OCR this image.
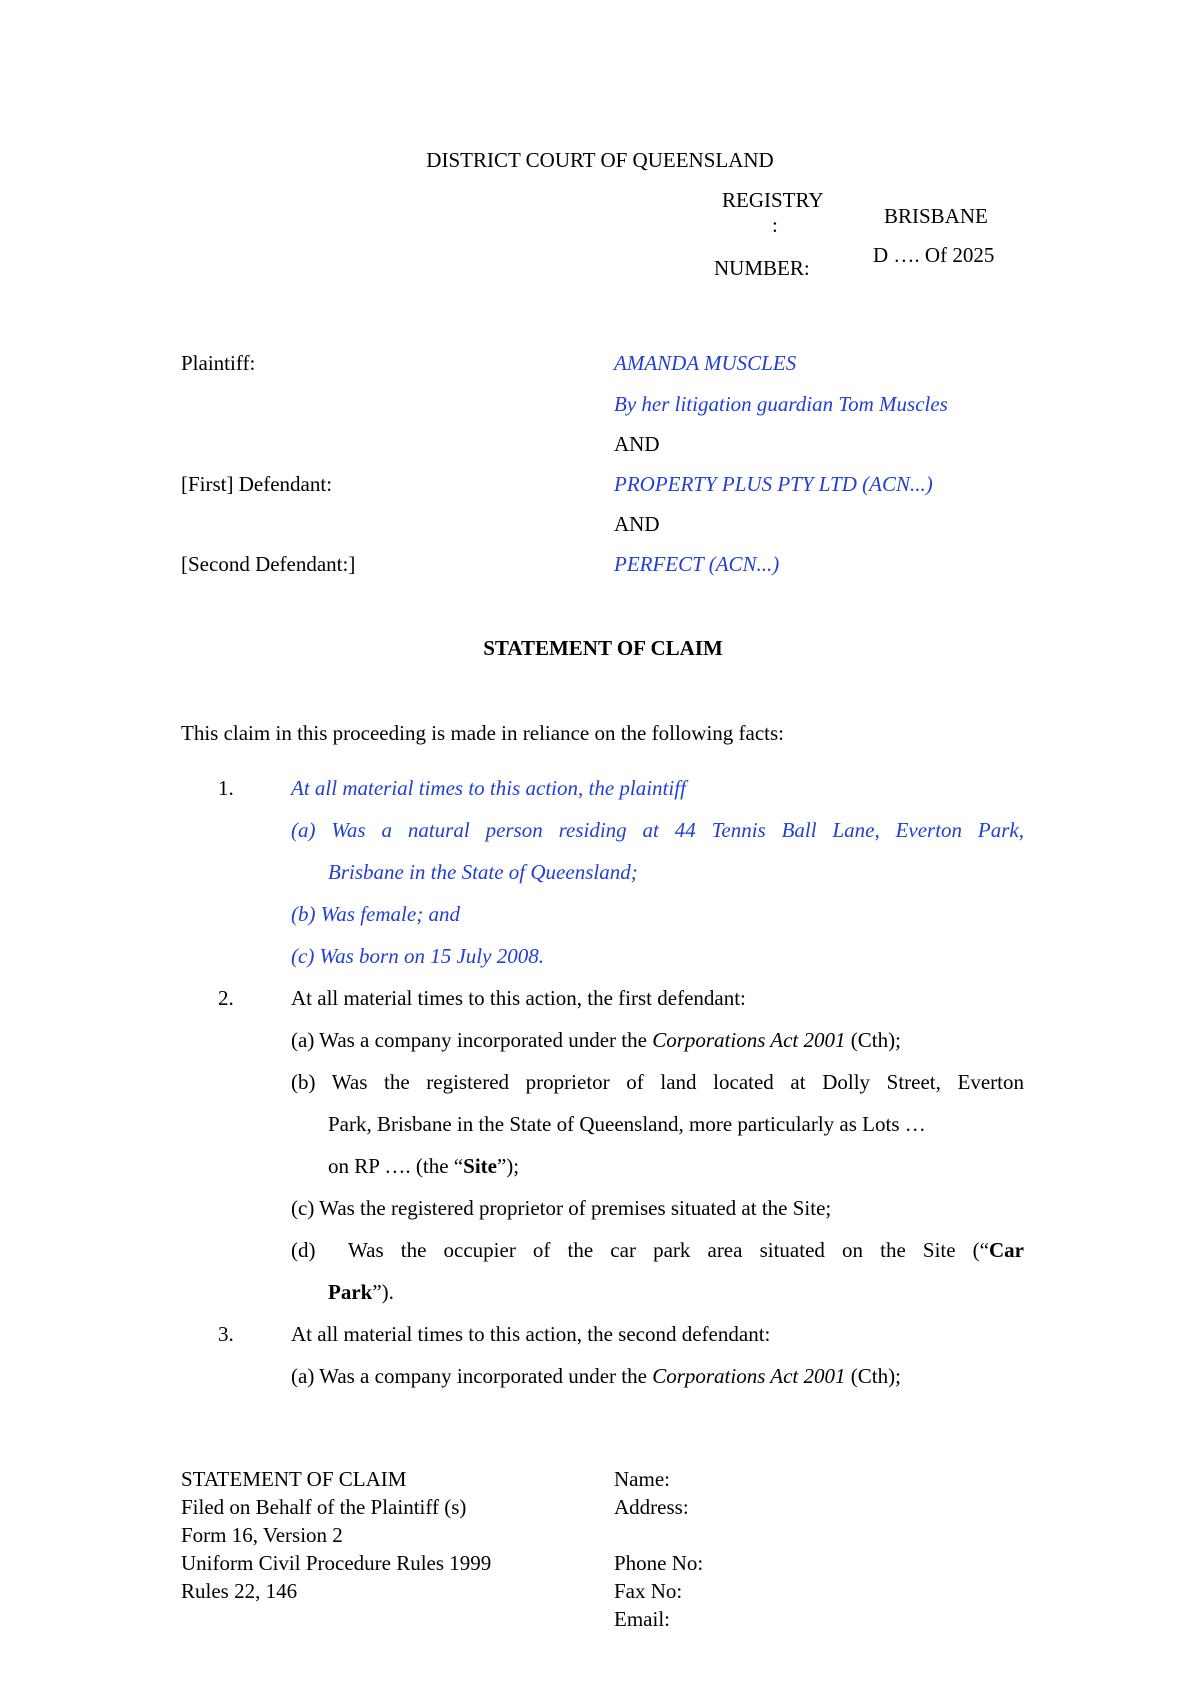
DISTRICT COURT OF QUEENSLAND
REGISTRY
:	BRISBANE
NUMBER:
D …. Of 2025
Plaintiff:	AMANDA MUSCLES
By her litigation guardian Tom Muscles
AND
[First] Defendant:	PROPERTY PLUS PTY LTD (ACN...)
AND
[Second Defendant:]	PERFECT (ACN...)
STATEMENT OF CLAIM
This claim in this proceeding is made in reliance on the following facts:
1.	At all material times to this action, the plaintiff
(a) Was a natural person residing at 44 Tennis Ball Lane, Everton Park,
Brisbane in the State of Queensland;
(b) Was female; and
(c) Was born on 15 July 2008.
2.	At all material times to this action, the first defendant:
(a) Was a company incorporated under the Corporations Act 2001 (Cth);
(b) Was the registered proprietor of land located at Dolly Street, Everton
Park, Brisbane in the State of Queensland, more particularly as Lots …
on RP …. (the “Site”);
(c) Was the registered proprietor of premises situated at the Site;
(d) Was the occupier of the car park area situated on the Site (“Car
Park”).
3.	At all material times to this action, the second defendant:
(a) Was a company incorporated under the Corporations Act 2001 (Cth);
STATEMENT OF CLAIM
Filed on Behalf of the Plaintiff (s)
Form 16, Version 2
Uniform Civil Procedure Rules 1999
Rules 22, 146
Name:
Address:
Phone No:
Fax No:
Email:
